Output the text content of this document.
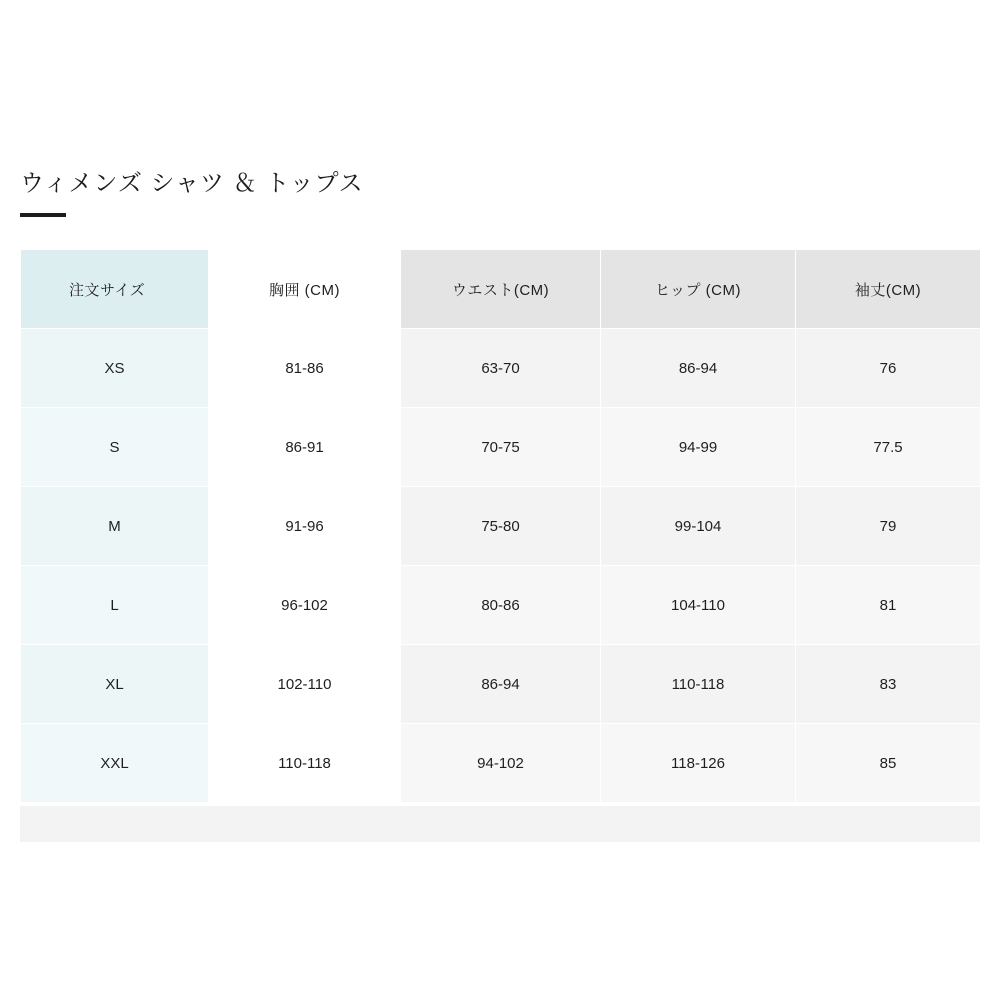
ウィメンズ シャツ ＆ トップス
注文サイズ	胸囲 (CM)	ウエスト(CM)	ヒップ (CM)	袖丈(CM)
XS	81-86	63-70	86-94	76
S	86-91	70-75	94-99	77.5
M	91-96	75-80	99-104	79
L	96-102	80-86	104-110	81
XL	102-110	86-94	110-118	83
XXL	110-118	94-102	118-126	85
